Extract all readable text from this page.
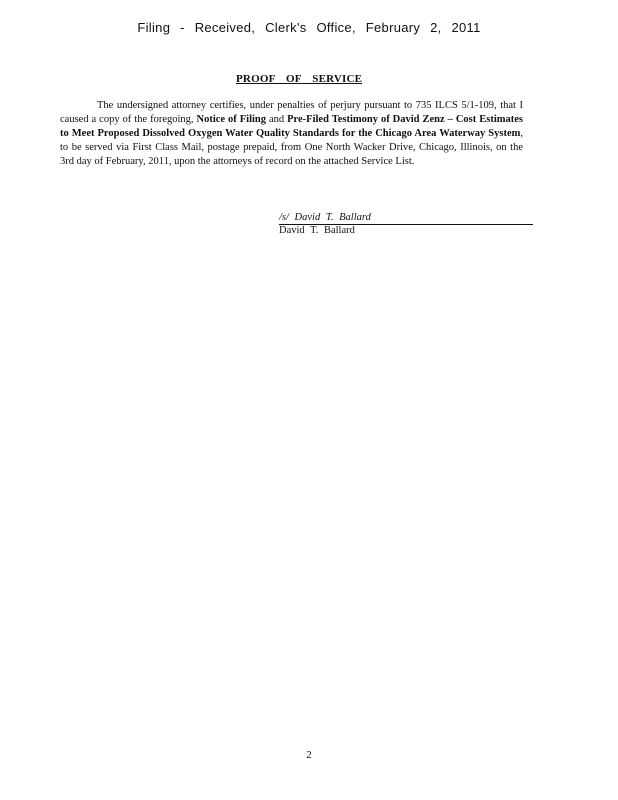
Filing - Received, Clerk's Office, February 2, 2011
PROOF OF SERVICE
The undersigned attorney certifies, under penalties of perjury pursuant to 735 ILCS 5/1-109, that I caused a copy of the foregoing, Notice of Filing and Pre-Filed Testimony of David Zenz – Cost Estimates to Meet Proposed Dissolved Oxygen Water Quality Standards for the Chicago Area Waterway System, to be served via First Class Mail, postage prepaid, from One North Wacker Drive, Chicago, Illinois, on the 3rd day of February, 2011, upon the attorneys of record on the attached Service List.
/s/ David T. Ballard
David T. Ballard
2
